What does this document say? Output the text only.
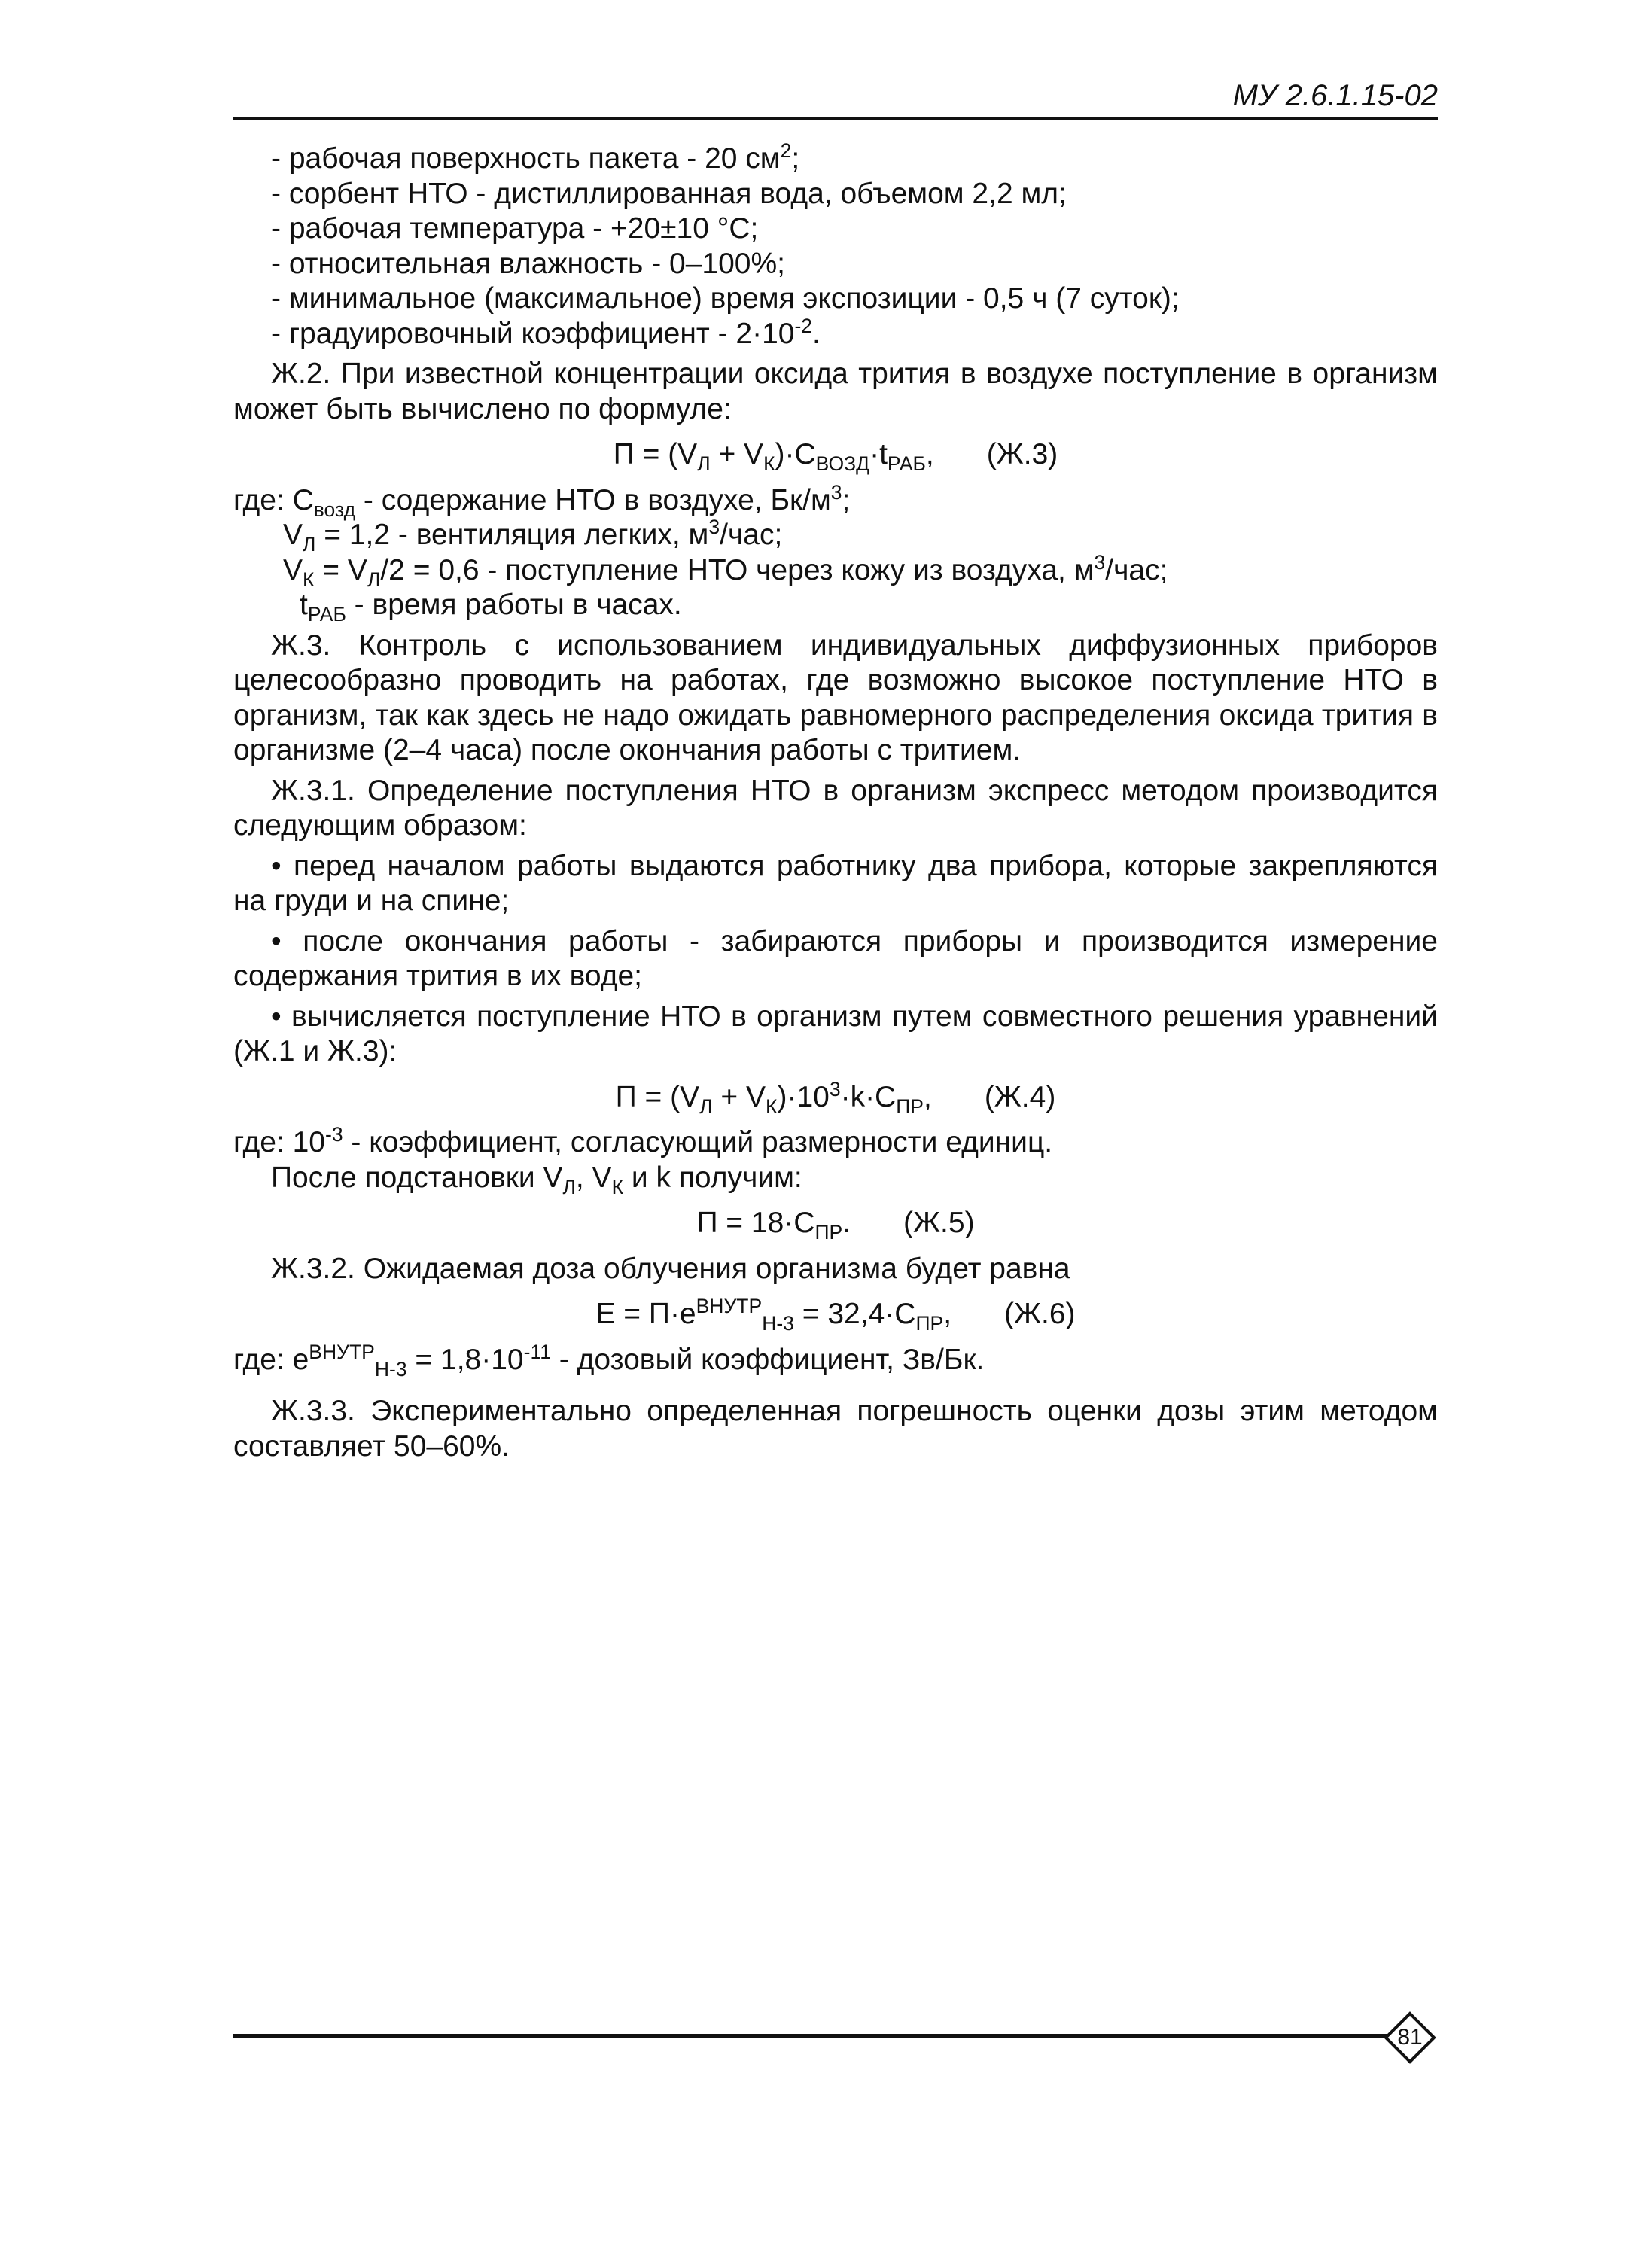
МУ 2.6.1.15-02

- рабочая поверхность пакета - 20 $см^2$;

- сорбент НТО - дистиллированная вода, объемом 2,2 мл;

- рабочая температура - +20±10 °С;

- относительная влажность - 0–100%;

- минимальное (максимальное) время экспозиции - 0,5 ч (7 суток);

- градуировочный коэффициент - $2\cdot 10^{-2}$.

Ж.2. При известной концентрации оксида трития в воздухе поступление в организм может быть вычислено по формуле:

$П = (V_Л + V_К)\cdot C_{ВОЗД}\cdot t_{РАБ}$, (Ж.3)

где: $С_{возд}$ - содержание НТО в воздухе, $Бк/м^3$;

$V_Л = 1,2$ - вентиляция легких, $м^3$/час;

$V_К = V_Л/2 = 0,6$ - поступление НТО через кожу из воздуха, $м^3$/час;

$t_{РАБ}$ - время работы в часах.

Ж.3. Контроль с использованием индивидуальных диффузионных приборов целесообразно проводить на работах, где возможно высокое поступление НТО в организм, так как здесь не надо ожидать равномерного распределения оксида трития в организме (2–4 часа) после окончания работы с тритием.

Ж.3.1. Определение поступления НТО в организм экспресс методом производится следующим образом:

• перед началом работы выдаются работнику два прибора, которые закрепляются на груди и на спине;

• после окончания работы - забираются приборы и производится измерение содержания трития в их воде;

• вычисляется поступление НТО в организм путем совместного решения уравнений (Ж.1 и Ж.3):

$П = (V_Л + V_К)\cdot 10^3\cdot k\cdot C_{ПР}$, (Ж.4)

где: $10^{-3}$ - коэффициент, согласующий размерности единиц.

После подстановки $V_Л$, $V_К$ и k получим:

$П = 18\cdot C_{ПР}$. (Ж.5)

Ж.3.2. Ожидаемая доза облучения организма будет равна

$E = П\cdot e^{ВНУТР}_{Н-3} = 32,4\cdot C_{ПР}$, (Ж.6)

где: $e^{ВНУТР}_{Н-3} = 1,8\cdot 10^{-11}$ - дозовый коэффициент, Зв/Бк.

Ж.3.3. Экспериментально определенная погрешность оценки дозы этим методом составляет 50–60%.

81
